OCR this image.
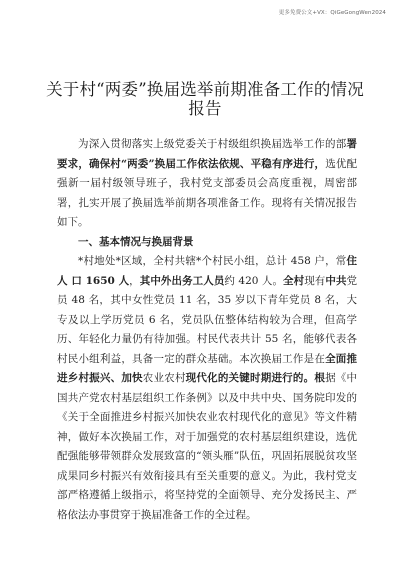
更多免费公文+VX：QiGeGongWen2024
关于村“两委”换届选举前期准备工作的情况
报告

为深入贯彻落实上级党委关于村级组织换届选举工作的部署要求，确保村“两委”换届工作依法依规、平稳有序进行，选优配强新一届村级领导班子，我村党支部委员会高度重视，周密部署，扎实开展了换届选举前期各项准备工作。现将有关情况报告如下。

一、基本情况与换届背景

*村地处*区域，全村共辖*个村民小组，总计 458 户，常住人 口 1650 人，其中外出务工人员约 420 人。全村现有中共党员 48 名，其中女性党员 11 名，35 岁以下青年党员 8 名，大专及以上学历党员 6 名，党员队伍整体结构较为合理，但高学历、年轻化力量仍有待加强。村民代表共计 55 名，能够代表各村民小组利益，具备一定的群众基础。本次换届工作是在全面推进乡村振兴、加快农业农村现代化的关键时期进行的。根据《中国共产党农村基层组织工作条例》以及中共中央、国务院印发的《关于全面推进乡村振兴加快农业农村现代化的意见》等文件精神，做好本次换届工作，对于加强党的农村基层组织建设，选优配强能够带领群众发展致富的“领头雁”队伍，巩固拓展脱贫攻坚成果同乡村振兴有效衔接具有至关重要的意义。为此，我村党支部严格遵循上级指示，将坚持党的全面领导、充分发扬民主、严格依法办事贯穿于换届准备工作的全过程。
